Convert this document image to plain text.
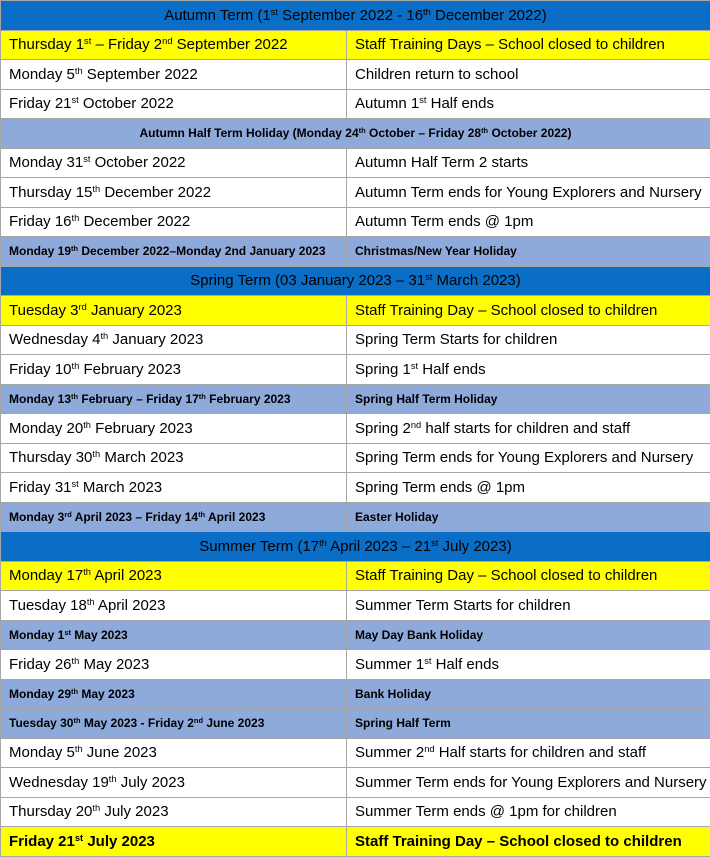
Autumn Term (1st September 2022 - 16th December 2022)	
Thursday 1st – Friday 2nd September 2022	Staff Training Days – School closed to children
Monday 5th September 2022	Children return to school
Friday 21st October 2022	Autumn 1st Half ends
Autumn Half Term Holiday (Monday 24th October – Friday 28th October 2022)	
Monday 31st October 2022	Autumn Half Term 2 starts
Thursday 15th December 2022	Autumn Term ends for Young Explorers and Nursery
Friday 16th December 2022	Autumn Term ends @ 1pm
Monday 19th December 2022–Monday 2nd January 2023	Christmas/New Year Holiday
Spring Term (03 January 2023 – 31st March 2023)	
Tuesday 3rd January 2023	Staff Training Day – School closed to children
Wednesday 4th January 2023	Spring Term Starts for children
Friday 10th February 2023	Spring 1st Half ends
Monday 13th February – Friday 17th February 2023	Spring Half Term Holiday
Monday 20th February 2023	Spring 2nd half starts for children and staff
Thursday 30th March 2023	Spring Term ends for Young Explorers and Nursery
Friday 31st March 2023	Spring Term ends @ 1pm
Monday 3rd April 2023 – Friday 14th April 2023	Easter Holiday
Summer Term (17th April 2023 – 21st July 2023)	
Monday 17th April 2023	Staff Training Day – School closed to children
Tuesday 18th April 2023	Summer Term Starts for children
Monday 1st May 2023	May Day Bank Holiday
Friday 26th May 2023	Summer 1st Half ends
Monday 29th May 2023	Bank Holiday
Tuesday 30th May 2023 - Friday 2nd June 2023	Spring Half Term
Monday 5th June 2023	Summer 2nd Half starts for children and staff
Wednesday 19th July 2023	Summer Term ends for Young Explorers and Nursery
Thursday 20th July 2023	Summer Term ends @ 1pm for children
Friday 21st July 2023	Staff Training Day – School closed to children
